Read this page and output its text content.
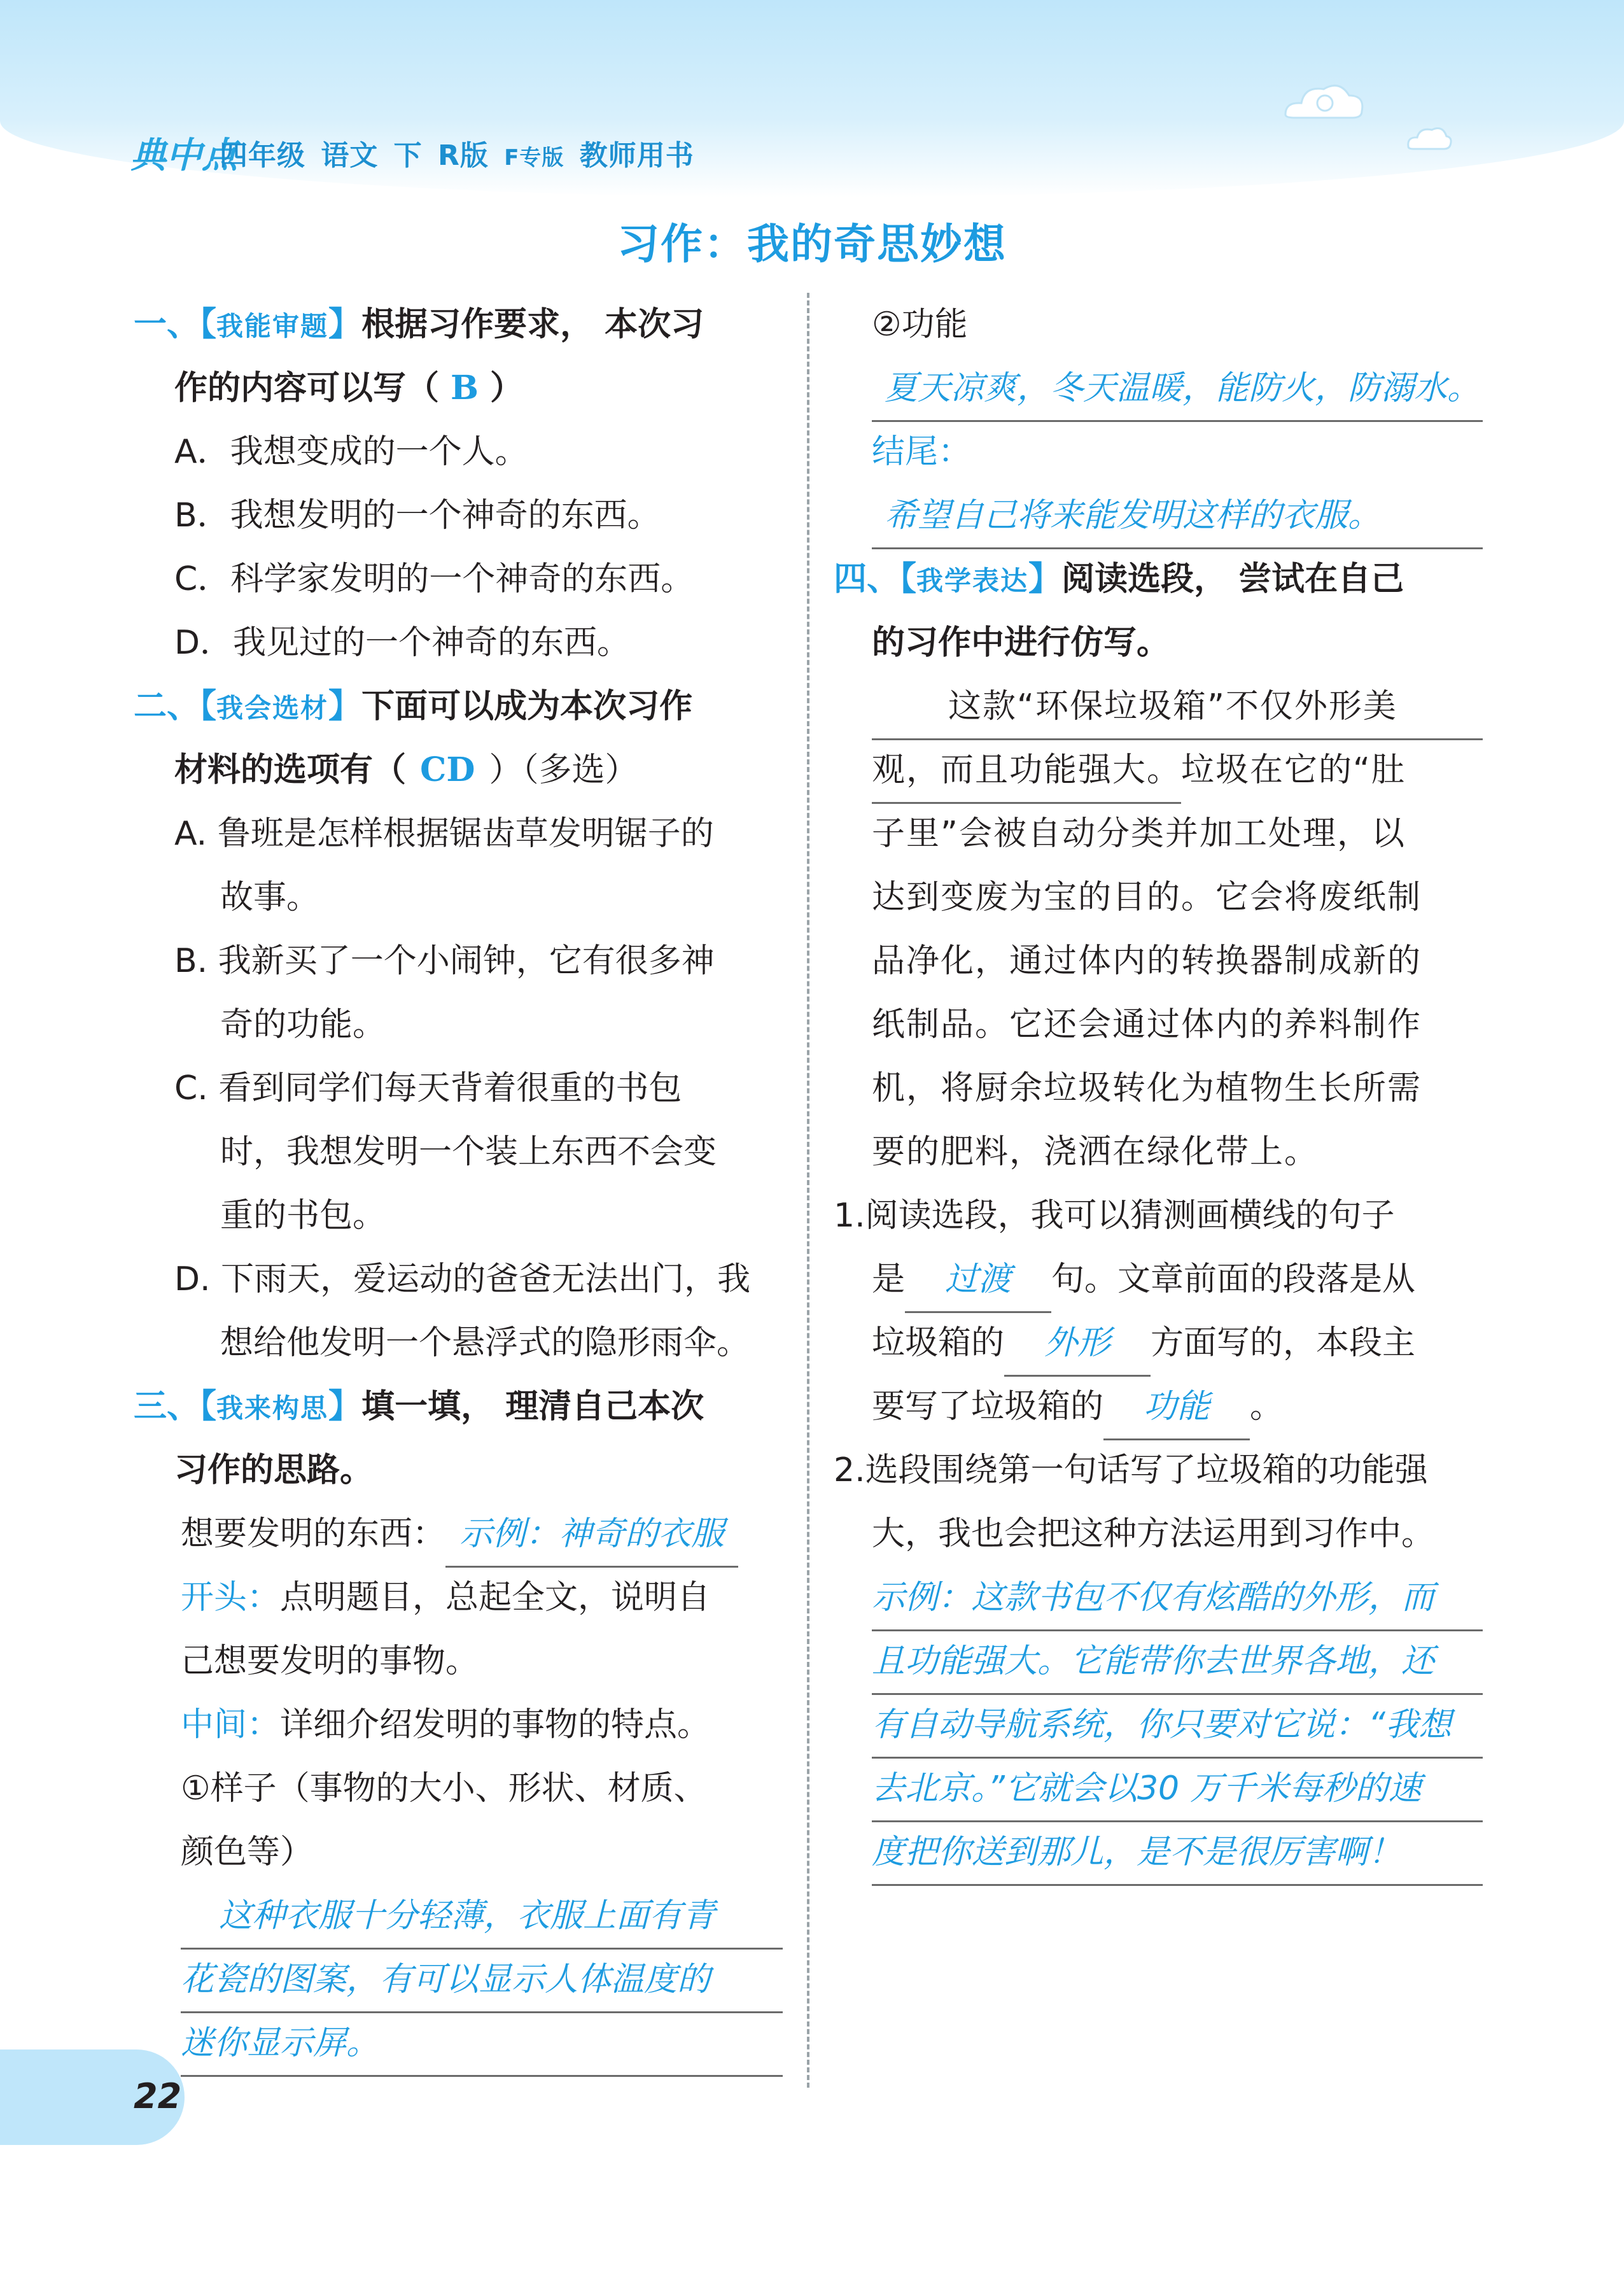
典中点
四年级 语文 下 R版 F专版 教师用书
习作：我的奇思妙想
一、【我能审题】根据习作要求， 本次习
作的内容可以写（ B ）
A．我想变成的一个人。
B．我想发明的一个神奇的东西。
C．科学家发明的一个神奇的东西。
D．我见过的一个神奇的东西。
二、【我会选材】下面可以成为本次习作
材料的选项有（ CD ）（多选）
A. 鲁班是怎样根据锯齿草发明锯子的
故事。
B. 我新买了一个小闹钟，它有很多神
奇的功能。
C. 看到同学们每天背着很重的书包
时，我想发明一个装上东西不会变
重的书包。
D. 下雨天，爱运动的爸爸无法出门，我
想给他发明一个悬浮式的隐形雨伞。
三、【我来构思】填一填， 理清自己本次
习作的思路。
想要发明的东西： 示例：神奇的衣服
开头：点明题目，总起全文，说明自
己想要发明的事物。
中间：详细介绍发明的事物的特点。
①样子（事物的大小、形状、材质、
颜色等）
这种衣服十分轻薄，衣服上面有青
花瓷的图案，有可以显示人体温度的
迷你显示屏。
②功能
夏天凉爽，冬天温暖，能防火，防溺水。
结尾：
希望自己将来能发明这样的衣服。
四、【我学表达】阅读选段， 尝试在自己
的习作中进行仿写。
这款“环保垃圾箱”不仅外形美
观，而且功能强大。垃圾在它的“肚
子里”会被自动分类并加工处理，以
达到变废为宝的目的。它会将废纸制
品净化，通过体内的转换器制成新的
纸制品。它还会通过体内的养料制作
机，将厨余垃圾转化为植物生长所需
要的肥料，浇洒在绿化带上。
1.阅读选段，我可以猜测画横线的句子
是 过渡 句。文章前面的段落是从
垃圾箱的 外形 方面写的，本段主
要写了垃圾箱的 功能 。
2.选段围绕第一句话写了垃圾箱的功能强
大，我也会把这种方法运用到习作中。
示例：这款书包不仅有炫酷的外形，而
且功能强大。它能带你去世界各地，还
有自动导航系统，你只要对它说：“我想
去北京。”它就会以30 万千米每秒的速
度把你送到那儿，是不是很厉害啊！
22
